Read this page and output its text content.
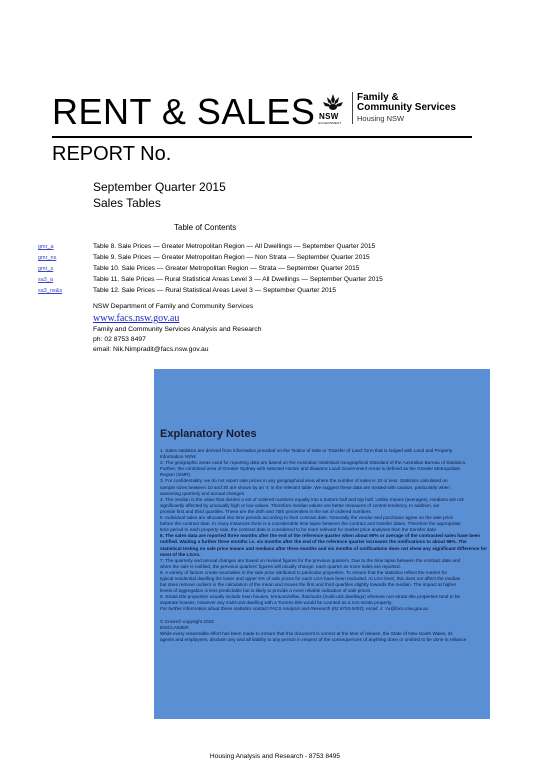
RENT & SALES
REPORT No.
NSW
GOVERNMENT
Family &
Community Services
Housing NSW
September Quarter 2015
Sales Tables
Table of Contents
gmr_a	Table 8. Sale Prices — Greater Metropolitan Region — All Dwellings — September Quarter 2015
gmr_ns	Table 9. Sale Prices — Greater Metropolitan Region — Non Strata — September Quarter 2015
gmr_s	Table 10. Sale Prices — Greater Metropolitan Region — Strata — September Quarter 2015
sa3_a	Table 11. Sale Prices — Rural Statistical Areas Level 3 — All Dwellings — September Quarter 2015
sa3_ns&s	Table 12. Sale Prices — Rural Statistical Areas Level 3 — September Quarter 2015
NSW Department of Family and Community Services
www.facs.nsw.gov.au
Family and Community Services Analysis and Research
ph: 02 8753 8497
email: Nik.Nimpradit@facs.nsw.gov.au
Explanatory Notes

1. Sales statistics are derived from information provided on the 'Notice of Sale or Transfer of Land' form that is lodged with Land and Property

Information NSW.

2. The geographic areas used for reporting data are based on the Australian Statistical Geographical Standard of the Australian Bureau of Statistics.

Further, the combined area of Greater Sydney with selected Hunter and Illawarra Local Government Areas is defined as the Greater Metropolitan

Region (GMR).

3. For confidentiality, we do not report sale prices in any geographical area where the number of sales is 10 or less. Statistics calculated on

sample sizes between 10 and 30 are shown by an 's' in the relevant table. We suggest these data are treated with caution, particularly when

assessing quarterly and annual changes.

4. The median is the value that divides a set of ordered numbers equally into a bottom half and top half. Unlike means (averages), medians are not

significantly affected by unusually high or low values. Therefore median values are better measures of central tendency. In addition, we

provide first and third quartiles. These are the 25th and 75th percentiles in the set of ordered numbers.

5. Individual sales are allocated into time periods according to their contract date. Generally the vendor and purchaser agree on the sale price

before the contract date. In many instances there is a considerable time lapse between the contract and transfer dates. Therefore the appropriate

time period to each property sale, the contract date is considered to be more relevant for market price analyses than the transfer date.

6. The sales data are reported three months after the end of the reference quarter when about 90% or average of the contracted sales have been

notified. Waiting a further three months i.e. six months after the end of the reference quarter increases the notifications to about 98%. The

statistical testing on sale price means and medians after three months and six months of notifications does not show any significant difference for

most of the LGAs.

7. The quarterly and annual changes are based on revised figures for the previous quarters. Due to the time lapse between the contract date and

when the sale is notified, the previous quarters' figures will usually change: each quarter as more sales are reported.

8. A variety of factors create anomalies in the sale price attributed to particular properties. To ensure that the statistics reflect the market for

typical residential dwelling the lower and upper 5% of sale prices for each LGA have been excluded. At LGA level, this does not affect the median

but does remove outliers in the calculation of the mean and moves the first and third quartiles slightly towards the median. The impact at higher

levels of aggregation is less predictable but is likely to provide a more reliable indication of sale prices.

9. Strata title properties usually include town houses, terraces/villas, flats/units (multi-unit dwellings) whereas non-strata title properties tend to be

separate houses. However any multi-unit dwelling with a Torrens title would be counted as a non-strata property.

For further information about these statistics contact FACS Analysis and Research (02 8753 8497), email: J. Yu@facs.nsw.gov.au

© Crown© copyright 2015

DISCLAIMER

While every reasonable effort has been made to ensure that this document is correct at the time of release, the State of New South Wales, its

agents and employees, disclaim any and all liability to any person in respect of the consequences of anything done or omitted to be done in reliance

Housing Analysis and Research - 8753 8495
